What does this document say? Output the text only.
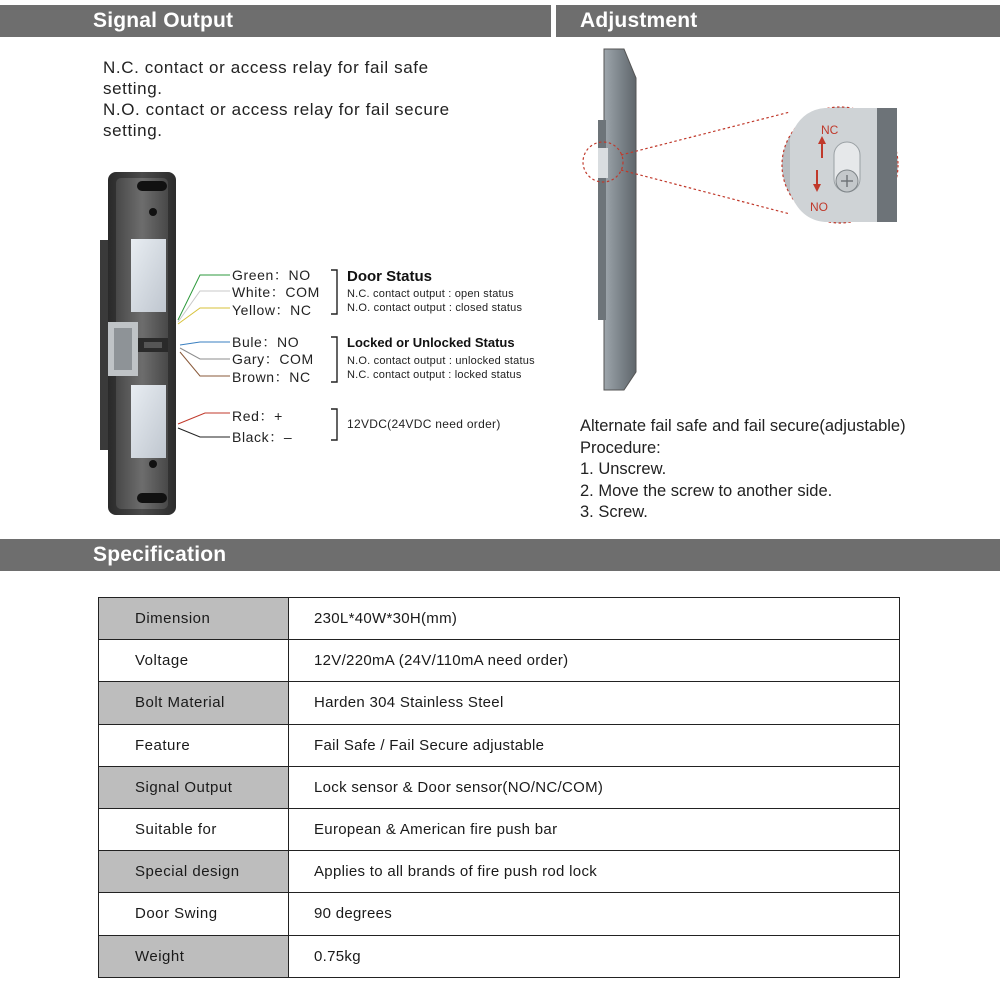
Signal Output	Adjustment
N.C. contact or access relay for fail safe
setting.
N.O. contact or access relay for fail secure
setting.	NC
NO
Green：NO
White：COM
Yellow：NC
Bule：NO
Gary：COM
Brown：NC
Red：+
Black：–
Door Status
N.C. contact output : open status
N.O. contact output : closed status
Locked or Unlocked Status
N.O. contact output : unlocked status
N.C. contact output : locked status
12VDC(24VDC need order)	Alternate fail safe and fail secure(adjustable)
Procedure:
1. Unscrew.
2. Move the screw to another side.
3. Screw.
Specification
Dimension	230L*40W*30H(mm)
Voltage	12V/220mA (24V/110mA need order)
Bolt Material	Harden 304 Stainless Steel
Feature	Fail Safe / Fail Secure adjustable
Signal Output	Lock sensor & Door sensor(NO/NC/COM)
Suitable for	European & American fire push bar
Special design	Applies to all brands of fire push rod lock
Door Swing	90 degrees
Weight	0.75kg
